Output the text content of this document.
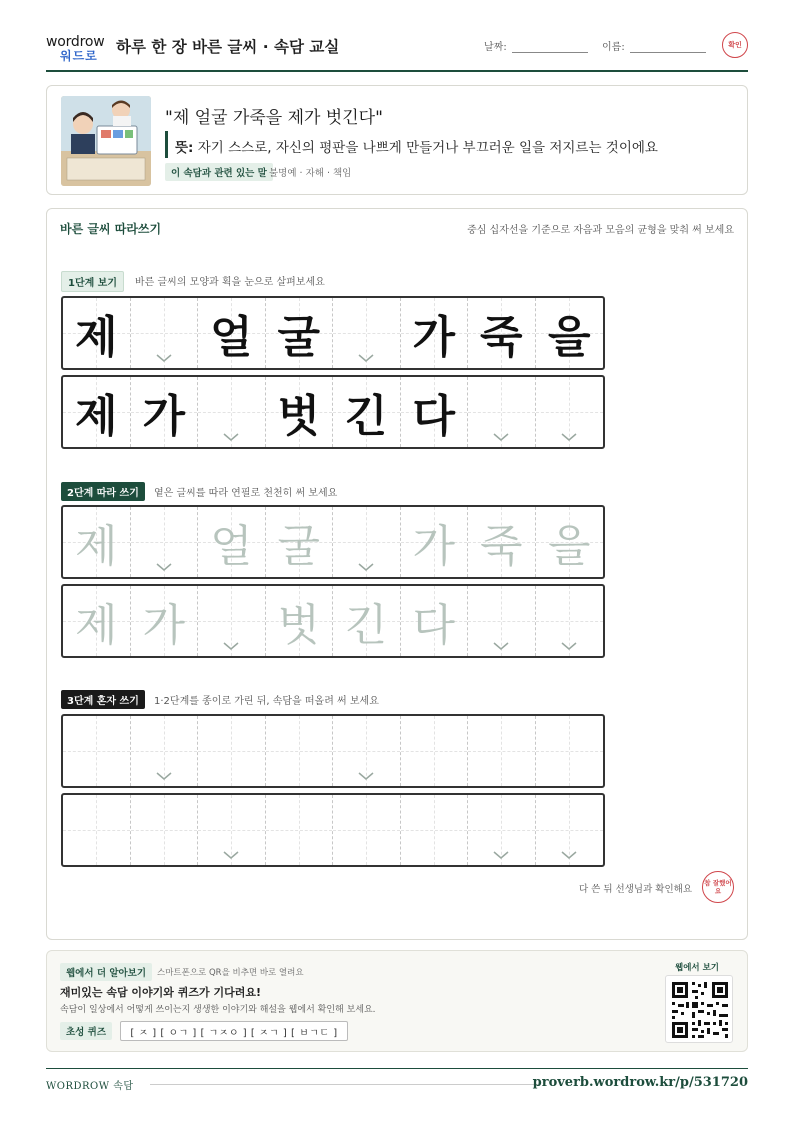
wordrow
워드로 하루 한 장 바른 글씨 · 속담 교실	날짜:	이름:	확인
"제 얼굴 가죽을 제가 벗긴다"
뜻: 자기 스스로, 자신의 평판을 나쁘게 만들거나 부끄러운 일을 저지르는 것이에요
이 속담과 관련 있는 말 불명예 · 자해 · 책임
바른 글씨 따라쓰기	중심 십자선을 기준으로 자음과 모음의 균형을 맞춰 써 보세요
1단계 보기	바른 글씨의 모양과 획을 눈으로 살펴보세요
제 얼 굴 가 죽 을
제 가 벗 긴 다
2단계 따라 쓰기	옅은 글씨를 따라 연필로 천천히 써 보세요
제 얼 굴 가 죽 을
제 가 벗 긴 다
3단계 혼자 쓰기	1·2단계를 종이로 가린 뒤, 속담을 떠올려 써 보세요
다 쓴 뒤 선생님과 확인해요
참 잘했어요
웹에서 더 알아보기	스마트폰으로 QR을 비추면 바로 열려요
재미있는 속담 이야기와 퀴즈가 기다려요!
속담이 일상에서 어떻게 쓰이는지 생생한 이야기와 해설을 웹에서 확인해 보세요.
초성 퀴즈	[ ㅈ ] [ ㅇㄱ ] [ ㄱㅈㅇ ] [ ㅈㄱ ] [ ㅂㄱㄷ ]
웹에서 보기
WORDROW 속담	proverb.wordrow.kr/p/531720
